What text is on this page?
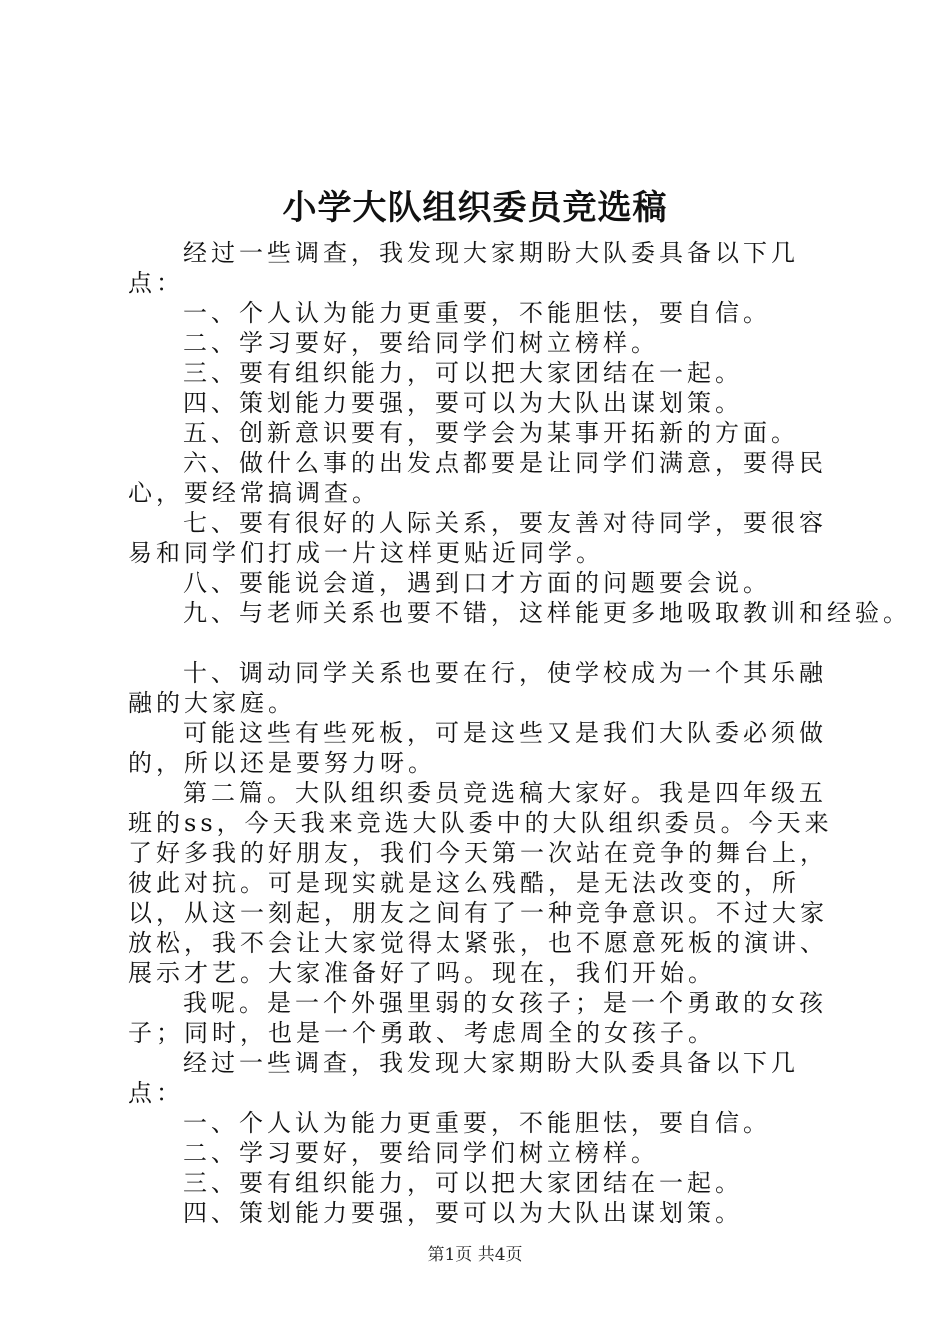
小学大队组织委员竞选稿

经过一些调查，我发现大家期盼大队委具备以下几点：

一、个人认为能力更重要，不能胆怯，要自信。

二、学习要好，要给同学们树立榜样。

三、要有组织能力，可以把大家团结在一起。

四、策划能力要强，要可以为大队出谋划策。

五、创新意识要有，要学会为某事开拓新的方面。

六、做什么事的出发点都要是让同学们满意，要得民心，要经常搞调查。

七、要有很好的人际关系，要友善对待同学，要很容易和同学们打成一片这样更贴近同学。

八、要能说会道，遇到口才方面的问题要会说。

九、与老师关系也要不错，这样能更多地吸取教训和经验。

十、调动同学关系也要在行，使学校成为一个其乐融融的大家庭。

可能这些有些死板，可是这些又是我们大队委必须做的，所以还是要努力呀。

第二篇。大队组织委员竞选稿大家好。我是四年级五班的ss，今天我来竞选大队委中的大队组织委员。今天来了好多我的好朋友，我们今天第一次站在竞争的舞台上，彼此对抗。可是现实就是这么残酷，是无法改变的，所以，从这一刻起，朋友之间有了一种竞争意识。不过大家放松，我不会让大家觉得太紧张，也不愿意死板的演讲、展示才艺。大家准备好了吗。现在，我们开始。

我呢。是一个外强里弱的女孩子；是一个勇敢的女孩子；同时，也是一个勇敢、考虑周全的女孩子。

经过一些调查，我发现大家期盼大队委具备以下几点：

一、个人认为能力更重要，不能胆怯，要自信。

二、学习要好，要给同学们树立榜样。

三、要有组织能力，可以把大家团结在一起。

四、策划能力要强，要可以为大队出谋划策。

第1页 共4页
